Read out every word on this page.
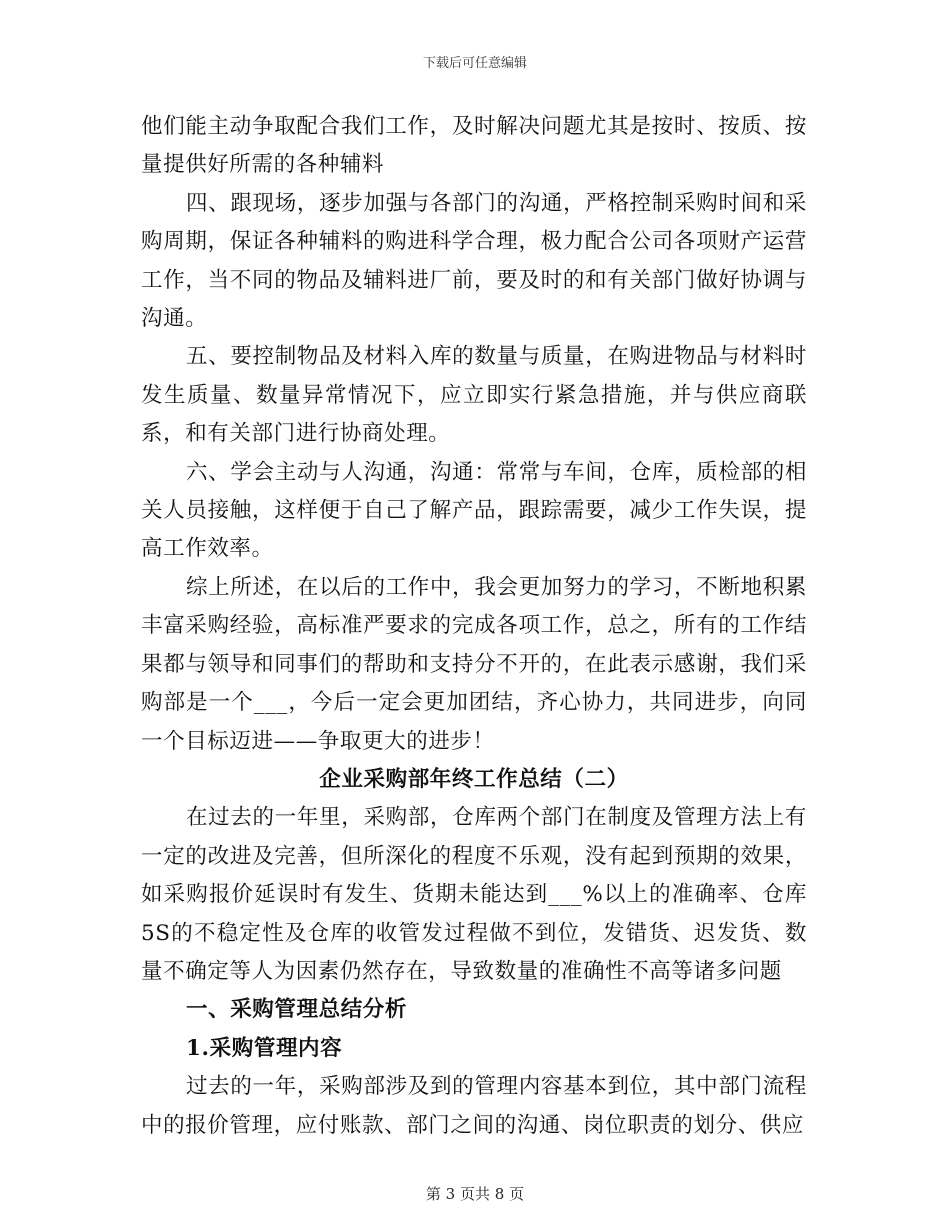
下载后可任意编辑

他们能主动争取配合我们工作，及时解决问题尤其是按时、按质、按量提供好所需的各种辅料

四、跟现场，逐步加强与各部门的沟通，严格控制采购时间和采购周期，保证各种辅料的购进科学合理，极力配合公司各项财产运营工作，当不同的物品及辅料进厂前，要及时的和有关部门做好协调与沟通。

五、要控制物品及材料入库的数量与质量，在购进物品与材料时发生质量、数量异常情况下，应立即实行紧急措施，并与供应商联系，和有关部门进行协商处理。

六、学会主动与人沟通，沟通：常常与车间，仓库，质检部的相关人员接触，这样便于自己了解产品，跟踪需要，减少工作失误，提高工作效率。

综上所述，在以后的工作中，我会更加努力的学习，不断地积累丰富采购经验，高标准严要求的完成各项工作，总之，所有的工作结果都与领导和同事们的帮助和支持分不开的，在此表示感谢，我们采购部是一个___，今后一定会更加团结，齐心协力，共同进步，向同一个目标迈进——争取更大的进步！

企业采购部年终工作总结（二）

在过去的一年里，采购部，仓库两个部门在制度及管理方法上有一定的改进及完善，但所深化的程度不乐观，没有起到预期的效果，如采购报价延误时有发生、货期未能达到___%以上的准确率、仓库5S的不稳定性及仓库的收管发过程做不到位，发错货、迟发货、数量不确定等人为因素仍然存在，导致数量的准确性不高等诸多问题

一、采购管理总结分析

1.采购管理内容

过去的一年，采购部涉及到的管理内容基本到位，其中部门流程中的报价管理，应付账款、部门之间的沟通、岗位职责的划分、供应

第 3 页共 8 页
